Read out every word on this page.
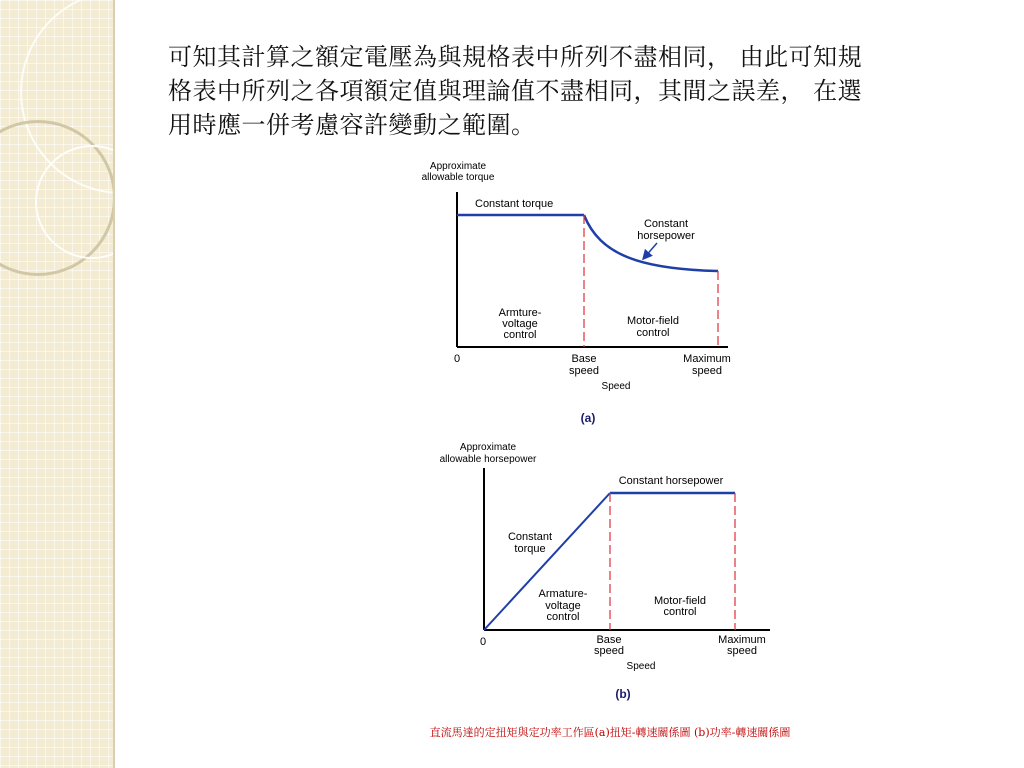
可知其計算之額定電壓為與規格表中所列不盡相同， 由此可知規
格表中所列之各項額定值與理論值不盡相同，其間之誤差， 在選
用時應一併考慮容許變動之範圍。
Approximate
allowable torque
Constant torque
Constant
horsepower
Armture-
voltage
control
Motor-field
control
0	Base
speed
Maximum
speed
Speed
(a)
Approximate
allowable horsepower
Constant horsepower
Constant
torque
Armature-
voltage
control
Motor-field
control
0	Base
speed
Maximum
speed
Speed
(b)
直流馬達的定扭矩與定功率工作區(a)扭矩-轉速關係圖 (b)功率-轉速關係圖
